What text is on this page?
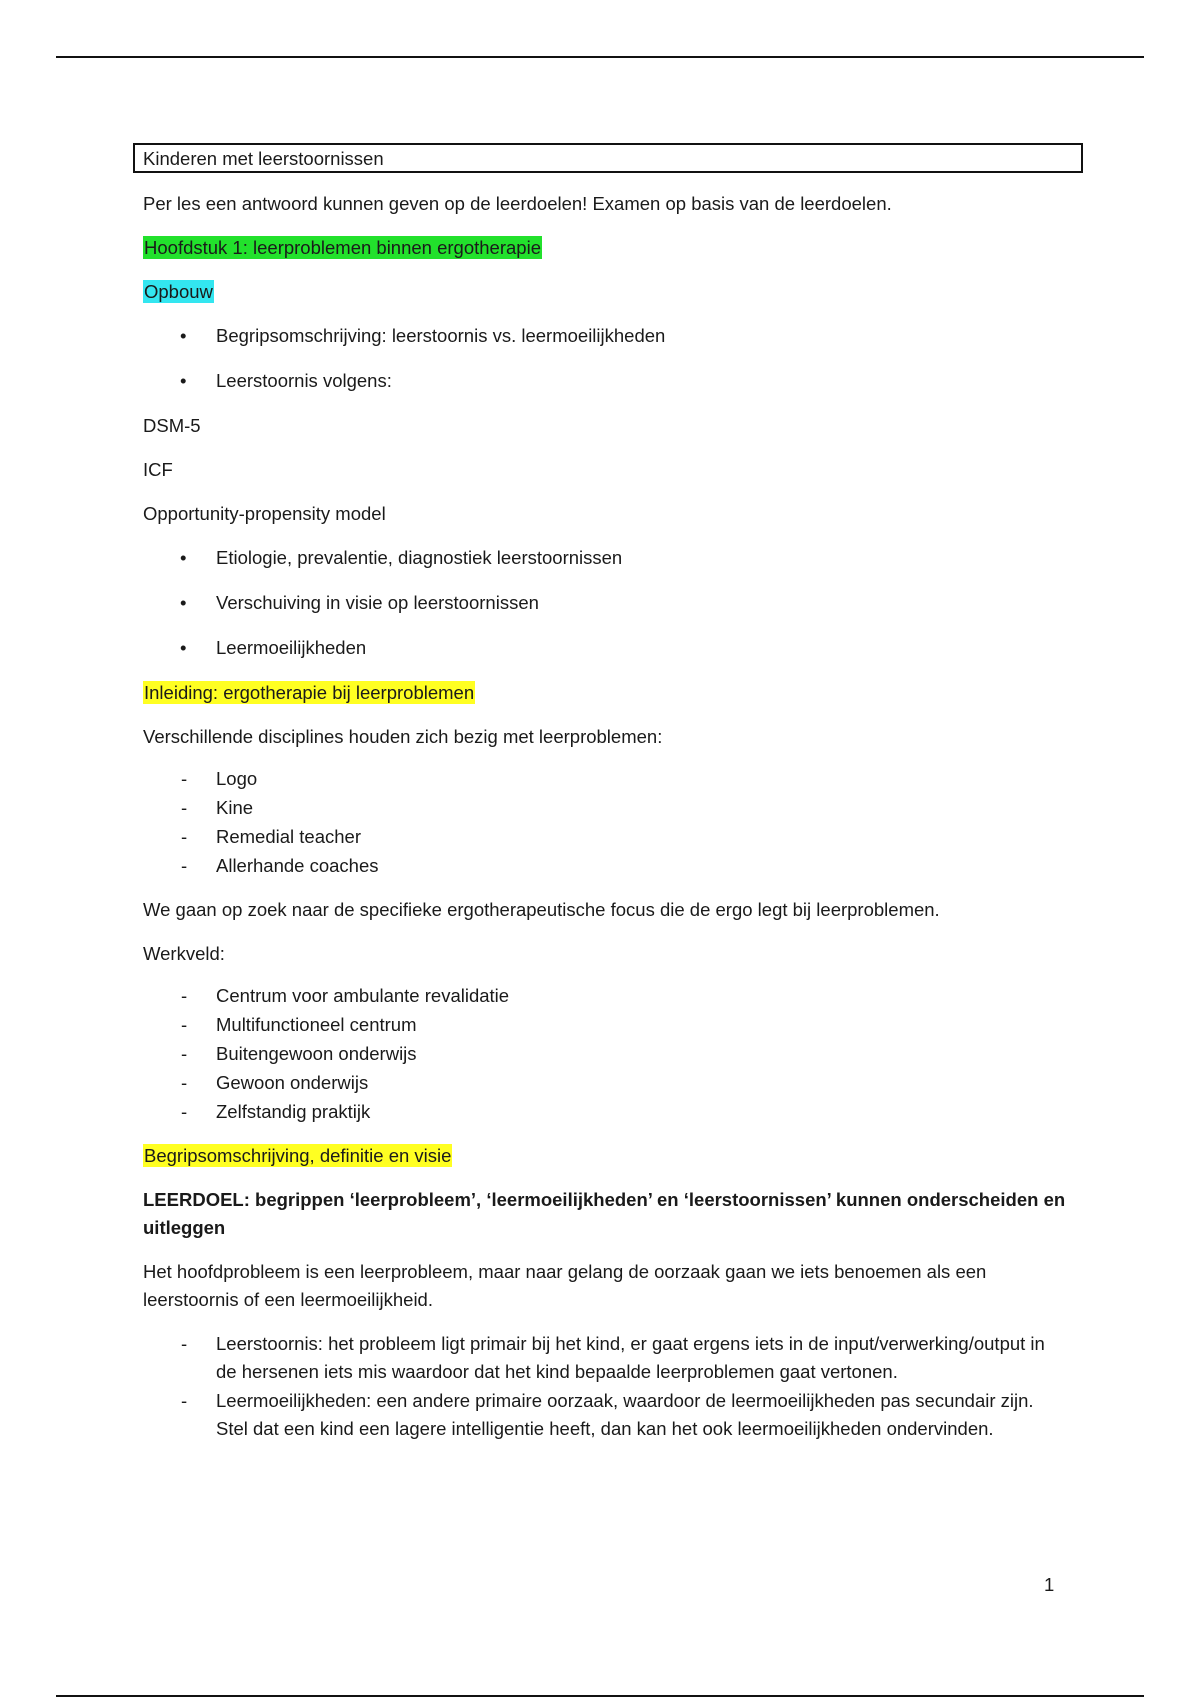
Kinderen met leerstoornissen

Per les een antwoord kunnen geven op de leerdoelen! Examen op basis van de leerdoelen.

Hoofdstuk 1: leerproblemen binnen ergotherapie

Opbouw

• Begripsomschrijving: leerstoornis vs. leermoeilijkheden
• Leerstoornis volgens:

DSM-5

ICF

Opportunity-propensity model

• Etiologie, prevalentie, diagnostiek leerstoornissen
• Verschuiving in visie op leerstoornissen
• Leermoeilijkheden

Inleiding: ergotherapie bij leerproblemen

Verschillende disciplines houden zich bezig met leerproblemen:

- Logo
- Kine
- Remedial teacher
- Allerhande coaches

We gaan op zoek naar de specifieke ergotherapeutische focus die de ergo legt bij leerproblemen.

Werkveld:

- Centrum voor ambulante revalidatie
- Multifunctioneel centrum
- Buitengewoon onderwijs
- Gewoon onderwijs
- Zelfstandig praktijk

Begripsomschrijving, definitie en visie

LEERDOEL: begrippen ‘leerprobleem’, ‘leermoeilijkheden’ en ‘leerstoornissen’ kunnen onderscheiden en uitleggen

Het hoofdprobleem is een leerprobleem, maar naar gelang de oorzaak gaan we iets benoemen als een leerstoornis of een leermoeilijkheid.

- Leerstoornis: het probleem ligt primair bij het kind, er gaat ergens iets in de input/verwerking/output in de hersenen iets mis waardoor dat het kind bepaalde leerproblemen gaat vertonen.
- Leermoeilijkheden: een andere primaire oorzaak, waardoor de leermoeilijkheden pas secundair zijn. Stel dat een kind een lagere intelligentie heeft, dan kan het ook leermoeilijkheden ondervinden.
1
